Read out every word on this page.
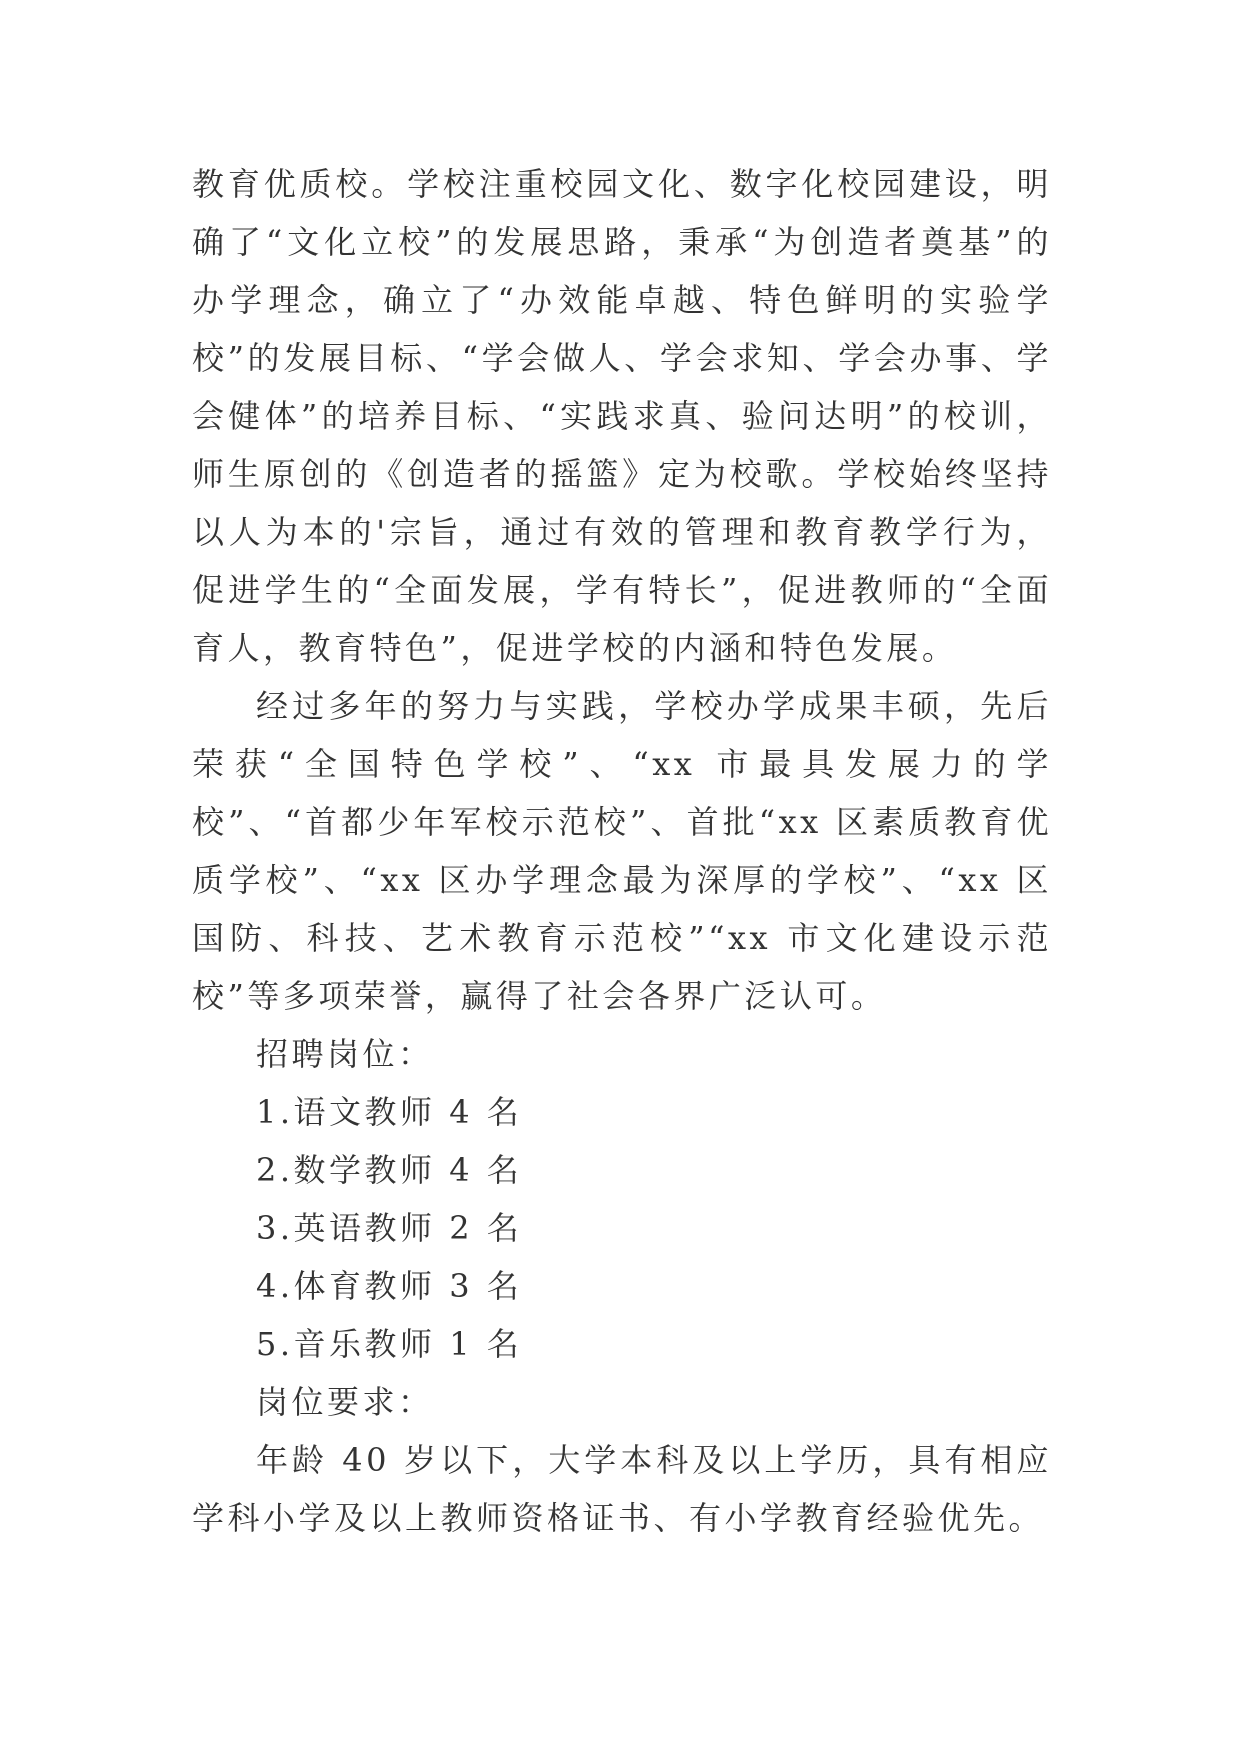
教育优质校。学校注重校园文化、数字化校园建设，明确了“文化立校”的发展思路，秉承“为创造者奠基”的办学理念，确立了“办效能卓越、特色鲜明的实验学校”的发展目标、“学会做人、学会求知、学会办事、学会健体”的培养目标、“实践求真、验问达明”的校训，师生原创的《创造者的摇篮》定为校歌。学校始终坚持以人为本的'宗旨，通过有效的管理和教育教学行为，促进学生的“全面发展，学有特长”，促进教师的“全面育人，教育特色”，促进学校的内涵和特色发展。

经过多年的努力与实践，学校办学成果丰硕，先后荣获“全国特色学校”、“xx 市最具发展力的学校”、“首都少年军校示范校”、首批“xx 区素质教育优质学校”、“xx 区办学理念最为深厚的学校”、“xx 区国防、科技、艺术教育示范校”“xx 市文化建设示范校”等多项荣誉，赢得了社会各界广泛认可。

招聘岗位：

1.语文教师 4 名

2.数学教师 4 名

3.英语教师 2 名

4.体育教师 3 名

5.音乐教师 1 名

岗位要求：

年龄 40 岁以下，大学本科及以上学历，具有相应学科小学及以上教师资格证书、有小学教育经验优先。
